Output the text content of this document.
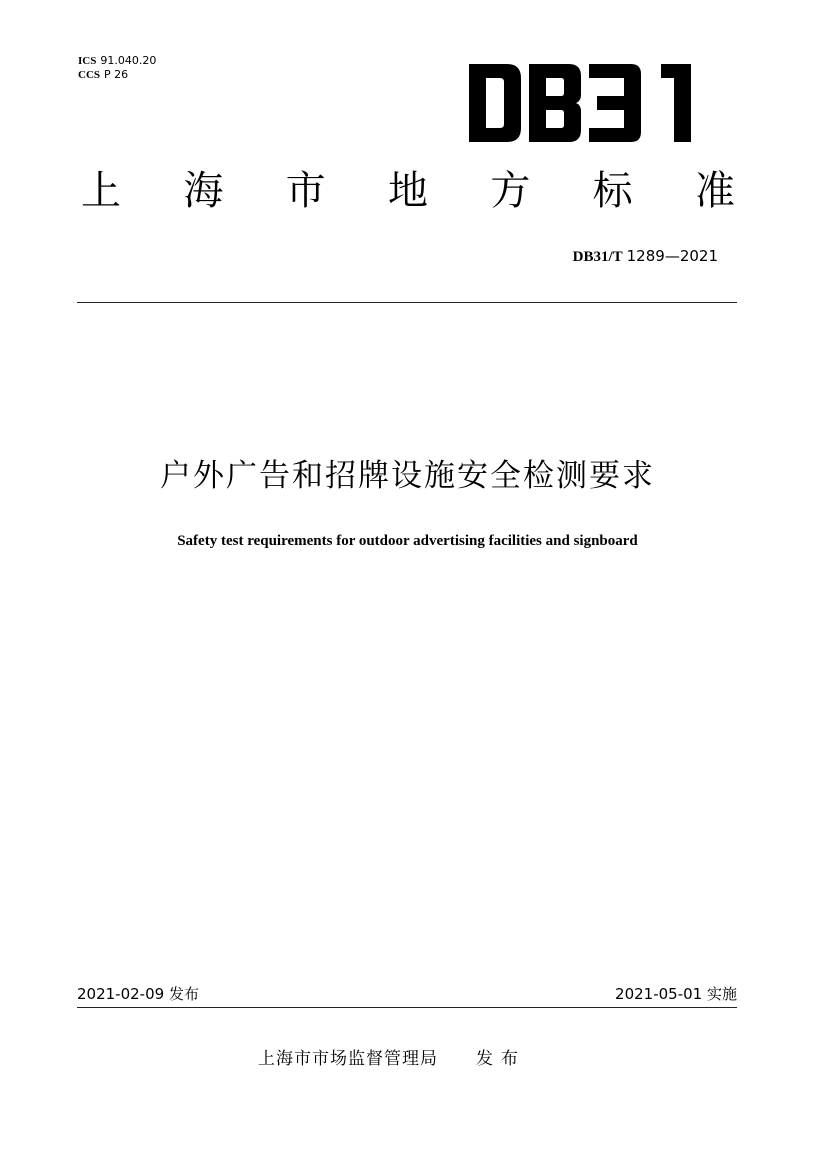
ICS 91.040.20
CCS P 26
上 海 市 地 方 标 准
DB31/T 1289—2021
户外广告和招牌设施安全检测要求
Safety test requirements for outdoor advertising facilities and signboard
2021-02-09 发布	2021-05-01 实施
上海市市场监督管理局 发布
